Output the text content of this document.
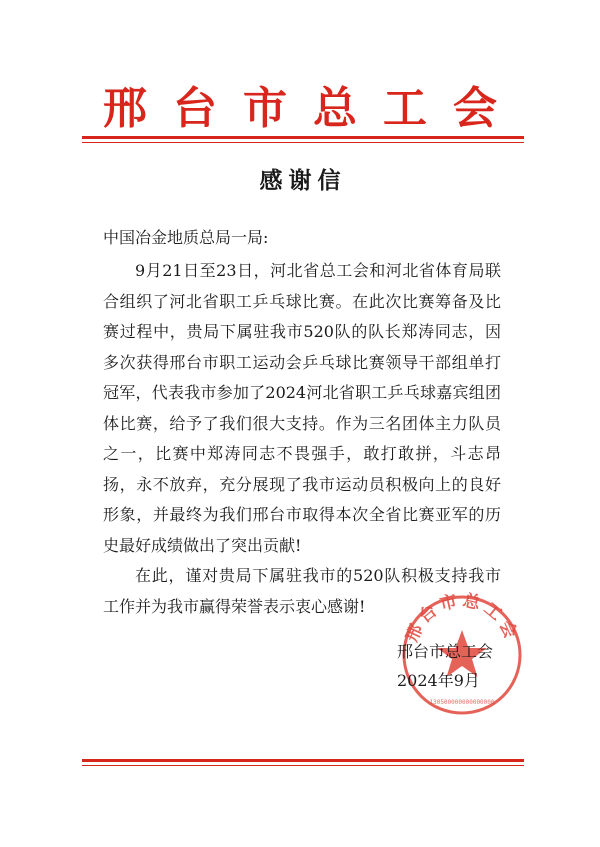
邢台市总工会
感谢信
中国冶金地质总局一局:

9月21日至23日，河北省总工会和河北省体育局联合组织了河北省职工乒乓球比赛。在此次比赛筹备及比赛过程中，贵局下属驻我市520队的队长郑涛同志，因多次获得邢台市职工运动会乒乓球比赛领导干部组单打冠军，代表我市参加了2024河北省职工乒乓球嘉宾组团体比赛，给予了我们很大支持。作为三名团体主力队员之一，比赛中郑涛同志不畏强手，敢打敢拼，斗志昂扬，永不放弃，充分展现了我市运动员积极向上的良好形象，并最终为我们邢台市取得本次全省比赛亚军的历史最好成绩做出了突出贡献!

在此，谨对贵局下属驻我市的520队积极支持我市工作并为我市赢得荣誉表示衷心感谢!

邢台市总工会
130500000000000000
邢台市总工会
2024年9月
